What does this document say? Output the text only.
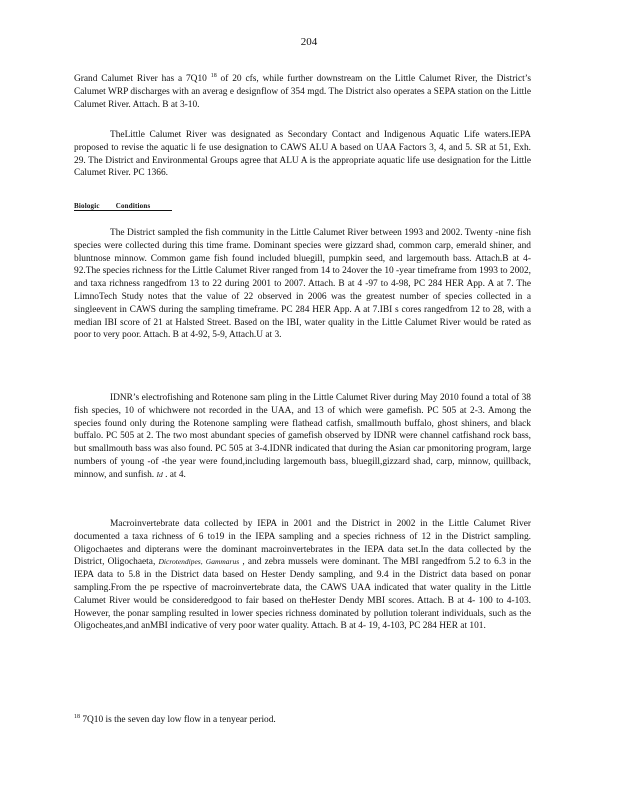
204

Grand Calumet River has a 7Q10 $^{18}$ of 20 cfs, while further downstream on the Little Calumet River, the District’s Calumet WRP discharges with an averag e designflow of 354 mgd. The District also operates a SEPA station on the Little Calumet River. Attach. B at 3-10.

TheLittle Calumet River was designated as Secondary Contact and Indigenous Aquatic Life waters.IEPA proposed to revise the aquatic li fe use designation to CAWS ALU A based on UAA Factors 3, 4, and 5. SR at 51, Exh. 29. The District and Environmental Groups agree that ALU A is the appropriate aquatic life use designation for the Little Calumet River. PC 1366.

Biologic Conditions

The District sampled the fish community in the Little Calumet River between 1993 and 2002. Twenty -nine fish species were collected during this time frame. Dominant species were gizzard shad, common carp, emerald shiner, and bluntnose minnow. Common game fish found included bluegill, pumpkin seed, and largemouth bass. Attach.B at 4- 92.The species richness for the Little Calumet River ranged from 14 to 24over the 10 -year timeframe from 1993 to 2002, and taxa richness rangedfrom 13 to 22 during 2001 to 2007. Attach. B at 4 -97 to 4-98, PC 284 HER App. A at 7. The LimnoTech Study notes that the value of 22 observed in 2006 was the greatest number of species collected in a singleevent in CAWS during the sampling timeframe. PC 284 HER App. A at 7.IBI s cores rangedfrom 12 to 28, with a median IBI score of 21 at Halsted Street. Based on the IBI, water quality in the Little Calumet River would be rated as poor to very poor. Attach. B at 4-92, 5-9, Attach.U at 3.

IDNR’s electrofishing and Rotenone sam pling in the Little Calumet River during May 2010 found a total of 38 fish species, 10 of whichwere not recorded in the UAA, and 13 of which were gamefish. PC 505 at 2-3. Among the species found only during the Rotenone sampling were flathead catfish, smallmouth buffalo, ghost shiners, and black buffalo. PC 505 at 2. The two most abundant species of gamefish observed by IDNR were channel catfishand rock bass, but smallmouth bass was also found. PC 505 at 3-4.IDNR indicated that during the Asian car pmonitoring program, large numbers of young -of -the year were found,including largemouth bass, bluegill,gizzard shad, carp, minnow, quillback, minnow, and sunfish. Id . at 4.

Macroinvertebrate data collected by IEPA in 2001 and the District in 2002 in the Little Calumet River documented a taxa richness of 6 to19 in the IEPA sampling and a species richness of 12 in the District sampling. Oligochaetes and dipterans were the dominant macroinvertebrates in the IEPA data set.In the data collected by the District, Oligochaeta, Dicrotendipes, Gammarus , and zebra mussels were dominant. The MBI rangedfrom 5.2 to 6.3 in the IEPA data to 5.8 in the District data based on Hester Dendy sampling, and 9.4 in the District data based on ponar sampling.From the pe rspective of macroinvertebrate data, the CAWS UAA indicated that water quality in the Little Calumet River would be consideredgood to fair based on theHester Dendy MBI scores. Attach. B at 4- 100 to 4-103. However, the ponar sampling resulted in lower species richness dominated by pollution tolerant individuals, such as the Oligocheates,and anMBI indicative of very poor water quality. Attach. B at 4- 19, 4-103, PC 284 HER at 101.

$^{18}$ 7Q10 is the seven day low flow in a tenyear period.
